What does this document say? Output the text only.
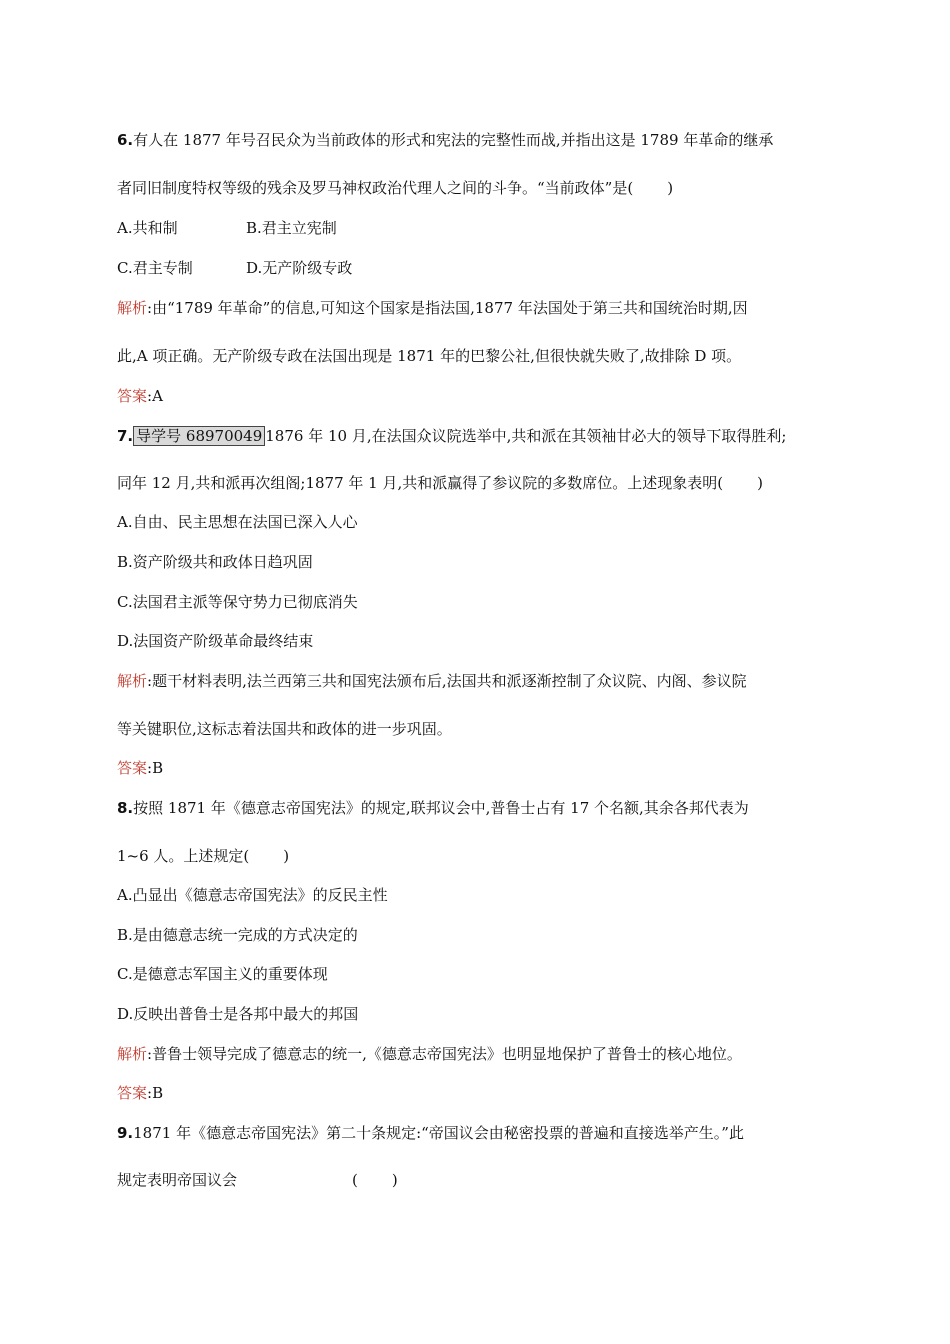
6.有人在 1877 年号召民众为当前政体的形式和宪法的完整性而战,并指出这是 1789 年革命的继承
者同旧制度特权等级的残余及罗马神权政治代理人之间的斗争。“当前政体”是( )
A.共和制	B.君主立宪制
C.君主专制	D.无产阶级专政
解析:由“1789 年革命”的信息,可知这个国家是指法国,1877 年法国处于第三共和国统治时期,因
此,A 项正确。无产阶级专政在法国出现是 1871 年的巴黎公社,但很快就失败了,故排除 D 项。
答案:A
7. 导学号 68970049 1876 年 10 月,在法国众议院选举中,共和派在其领袖甘必大的领导下取得胜利;
同年 12 月,共和派再次组阁;1877 年 1 月,共和派赢得了参议院的多数席位。上述现象表明( )
A.自由、民主思想在法国已深入人心
B.资产阶级共和政体日趋巩固
C.法国君主派等保守势力已彻底消失
D.法国资产阶级革命最终结束
解析:题干材料表明,法兰西第三共和国宪法颁布后,法国共和派逐渐控制了众议院、内阁、参议院
等关键职位,这标志着法国共和政体的进一步巩固。
答案:B
8.按照 1871 年《德意志帝国宪法》的规定,联邦议会中,普鲁士占有 17 个名额,其余各邦代表为
1~6 人。上述规定( )
A.凸显出《德意志帝国宪法》的反民主性
B.是由德意志统一完成的方式决定的
C.是德意志军国主义的重要体现
D.反映出普鲁士是各邦中最大的邦国
解析:普鲁士领导完成了德意志的统一,《德意志帝国宪法》也明显地保护了普鲁士的核心地位。
答案:B
9.1871 年《德意志帝国宪法》第二十条规定:“帝国议会由秘密投票的普遍和直接选举产生。”此
规定表明帝国议会	( )
